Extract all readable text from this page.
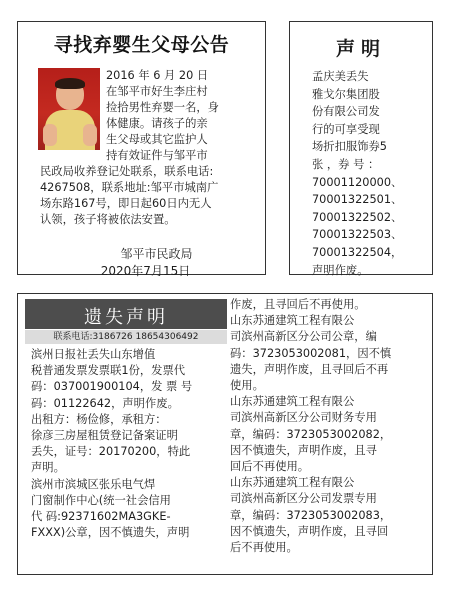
寻找弃婴生父母公告
2016 年 6 月 20 日
在邹平市好生李庄村
捡拾男性弃婴一名，身
体健康。请孩子的亲
生父母或其它监护人
持有效证件与邹平市
民政局收养登记处联系，联系电话:
4267508，联系地址:邹平市城南广
场东路167号，即日起60日内无人
认领，孩子将被依法安置。
邹平市民政局
2020年7月15日
声明
孟庆美丢失
雅戈尔集团股
份有限公司发
行的可享受现
场折扣服饰券5
张 ，券 号 ：
70001120000、
70001322501、
70001322502、
70001322503、
70001322504，
声明作废。
遗失声明
联系电话:3186726 18654306492
滨州日报社丢失山东增值
税普通发票发票联1份，发票代
码：037001900104，发 票 号
码：01122642，声明作废。
出租方：杨俭修，承租方：
徐彦三房屋租赁登记备案证明
丢失，证号：20170200，特此
声明。
滨州市滨城区张乐电气焊
门窗制作中心(统一社会信用
代 码:92371602MA3GKE-
FXXX)公章，因不慎遗失，声明
作废，且寻回后不再使用。
山东苏通建筑工程有限公
司滨州高新区分公司公章，编
码：3723053002081，因不慎
遗失，声明作废，且寻回后不再
使用。
山东苏通建筑工程有限公
司滨州高新区分公司财务专用
章，编码：3723053002082，
因不慎遗失，声明作废，且寻
回后不再使用。
山东苏通建筑工程有限公
司滨州高新区分公司发票专用
章，编码：3723053002083，
因不慎遗失，声明作废，且寻回
后不再使用。
